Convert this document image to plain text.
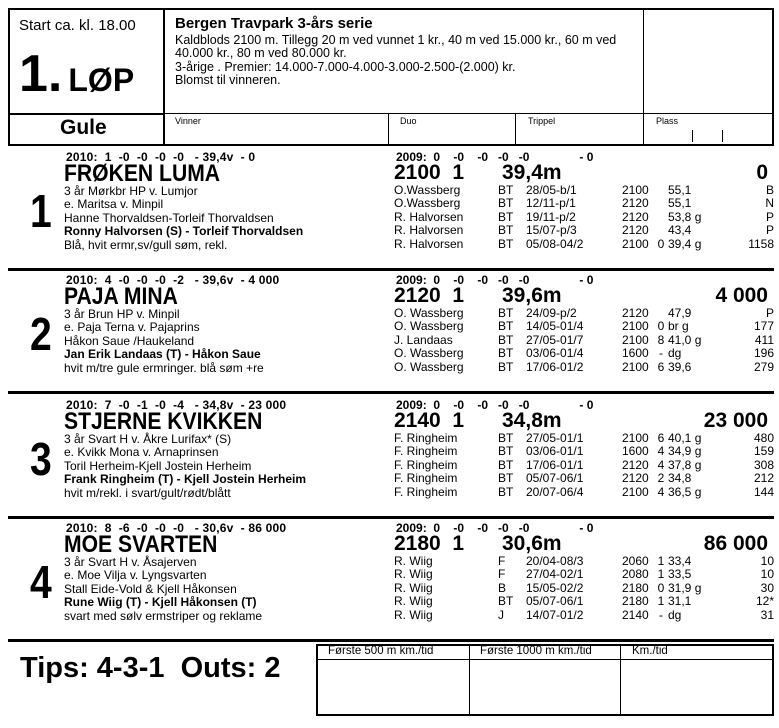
Start ca. kl. 18.00
1. LØP
Gule
Bergen Travpark 3-års serie
Kaldblods 2100 m. Tillegg 20 m ved vunnet 1 kr., 40 m ved 15.000 kr., 60 m ved
40.000 kr., 80 m ved 80.000 kr.
3-årige . Premier: 14.000-7.000-4.000-3.000-2.500-(2.000) kr.
Blomst til vinneren.
Vinner	Duo	Trippel	Plass
2010:  1  -0  -0  -0  -0   - 39,4v  - 0	2009:  0    -0    -0   -0   -0               - 0
1
FRØKEN LUMA
3 år Mørkbr HP v. Lumjor
e. Maritsa v. Minpil
Hanne Thorvaldsen-Torleif Thorvaldsen
Ronny Halvorsen (S) - Torleif Thorvaldsen
Blå, hvit ermr,sv/gull søm, rekl.
2100  1 39,4m	0
O.Wassberg	BT	28/05-b/1	2100		55,1	B
O.Wassberg	BT	12/11-p/1	2120		55,1	N
R. Halvorsen	BT	19/11-p/2	2120		53,8 g	P
R. Halvorsen	BT	15/07-p/3	2120		43,4	P
R. Halvorsen	BT	05/08-04/2	2100	0	39,4 g	1158
2010:  4  -0  -0  -0  -2   - 39,6v  - 4 000	2009:  0    -0    -0   -0   -0               - 0
2
PAJA MINA
3 år Brun HP v. Minpil
e. Paja Terna v. Pajaprins
Håkon Saue /Haukeland
Jan Erik Landaas (T) - Håkon Saue
hvit m/tre gule ermringer. blå søm +re
2120  1 39,6m	4 000
O. Wassberg	BT	24/09-p/2	2120		47,9	P
O. Wassberg	BT	14/05-01/4	2100	0	br g	177
J. Landaas	BT	27/05-01/7	2100	8	41,0 g	411
O. Wassberg	BT	03/06-01/4	1600	-	dg	196
O. Wassberg	BT	17/06-01/2	2100	6	39,6	279
2010:  7  -0  -1  -0  -4   - 34,8v  - 23 000	2009:  0    -0    -0   -0   -0               - 0
3
STJERNE KVIKKEN
3 år Svart H v. Åkre Lurifax* (S)
e. Kvikk Mona v. Arnaprinsen
Toril Herheim-Kjell Jostein Herheim
Frank Ringheim (T) - Kjell Jostein Herheim
hvit m/rekl. i svart/gult/rødt/blått
2140  1 34,8m	23 000
F. Ringheim	BT	27/05-01/1	2100	6	40,1 g	480
F. Ringheim	BT	03/06-01/1	1600	4	34,9 g	159
F. Ringheim	BT	17/06-01/1	2120	4	37,8 g	308
F. Ringheim	BT	05/07-06/1	2120	2	34,8	212
F. Ringheim	BT	20/07-06/4	2100	4	36,5 g	144
2010:  8  -6  -0  -0  -0   - 30,6v  - 86 000	2009:  0    -0    -0   -0   -0               - 0
4
MOE SVARTEN
3 år Svart H v. Åsajerven
e. Moe Vilja v. Lyngsvarten
Stall Eide-Vold & Kjell Håkonsen
Rune Wiig (T) - Kjell Håkonsen (T)
svart med sølv ermstriper og reklame
2180  1 30,6m	86 000
R. Wiig	F	20/04-08/3	2060	1	33,4	10
R. Wiig	F	27/04-02/1	2080	1	33,5	10
R. Wiig	B	15/05-02/2	2180	0	31,9 g	30
R. Wiig	BT	05/07-06/1	2180	1	31,1	12*
R. Wiig	J	14/07-01/2	2140	-	dg	31
Tips: 4-3-1  Outs: 2
Første 500 m km./tid	Første 1000 m km./tid	Km./tid
